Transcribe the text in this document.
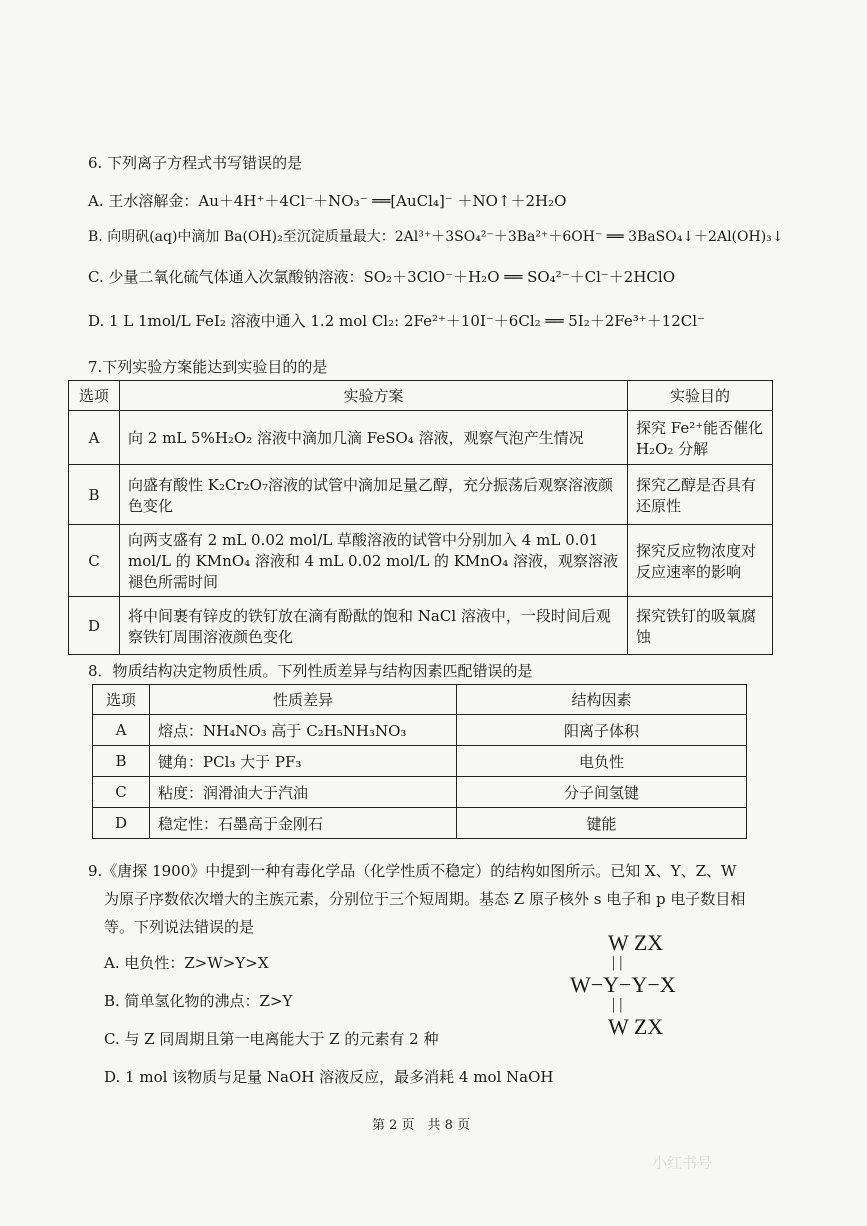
6. 下列离子方程式书写错误的是
A. 王水溶解金：Au＋4H⁺＋4Cl⁻＋NO₃⁻ ══[AuCl₄]⁻ ＋NO↑＋2H₂O
B. 向明矾(aq)中滴加 Ba(OH)₂至沉淀质量最大：2Al³⁺＋3SO₄²⁻＋3Ba²⁺＋6OH⁻ ══ 3BaSO₄↓＋2Al(OH)₃↓
C. 少量二氧化硫气体通入次氯酸钠溶液：SO₂＋3ClO⁻＋H₂O ══ SO₄²⁻＋Cl⁻＋2HClO
D. 1 L 1mol/L FeI₂ 溶液中通入 1.2 mol Cl₂: 2Fe²⁺＋10I⁻＋6Cl₂ ══ 5I₂＋2Fe³⁺＋12Cl⁻
7.下列实验方案能达到实验目的的是
选项	实验方案	实验目的
A	向 2 mL 5%H₂O₂ 溶液中滴加几滴 FeSO₄ 溶液，观察气泡产生情况	探究 Fe²⁺能否催化 H₂O₂ 分解
B	向盛有酸性 K₂Cr₂O₇溶液的试管中滴加足量乙醇，充分振荡后观察溶液颜色变化	探究乙醇是否具有还原性
C	向两支盛有 2 mL 0.02 mol/L 草酸溶液的试管中分别加入 4 mL 0.01 mol/L 的 KMnO₄ 溶液和 4 mL 0.02 mol/L 的 KMnO₄ 溶液，观察溶液褪色所需时间	探究反应物浓度对反应速率的影响
D	将中间裹有锌皮的铁钉放在滴有酚酞的饱和 NaCl 溶液中，一段时间后观察铁钉周围溶液颜色变化	探究铁钉的吸氧腐蚀
8．物质结构决定物质性质。下列性质差异与结构因素匹配错误的是
选项	性质差异	结构因素
A	熔点：NH₄NO₃ 高于 C₂H₅NH₃NO₃	阳离子体积
B	键角：PCl₃ 大于 PF₃	电负性
C	粘度：润滑油大于汽油	分子间氢键
D	稳定性：石墨高于金刚石	键能
9.《唐探 1900》中提到一种有毒化学品（化学性质不稳定）的结构如图所示。已知 X、Y、Z、W
为原子序数依次增大的主族元素，分别位于三个短周期。基态 Z 原子核外 s 电子和 p 电子数目相
等。下列说法错误的是
A. 电负性：Z>W>Y>X
B. 简单氢化物的沸点：Z>Y
C. 与 Z 同周期且第一电离能大于 Z 的元素有 2 种
D. 1 mol 该物质与足量 NaOH 溶液反应，最多消耗 4 mol NaOH
W ZX
| |
W−Y−Y−X
| |
W ZX
第 2 页　共 8 页
小红书号
